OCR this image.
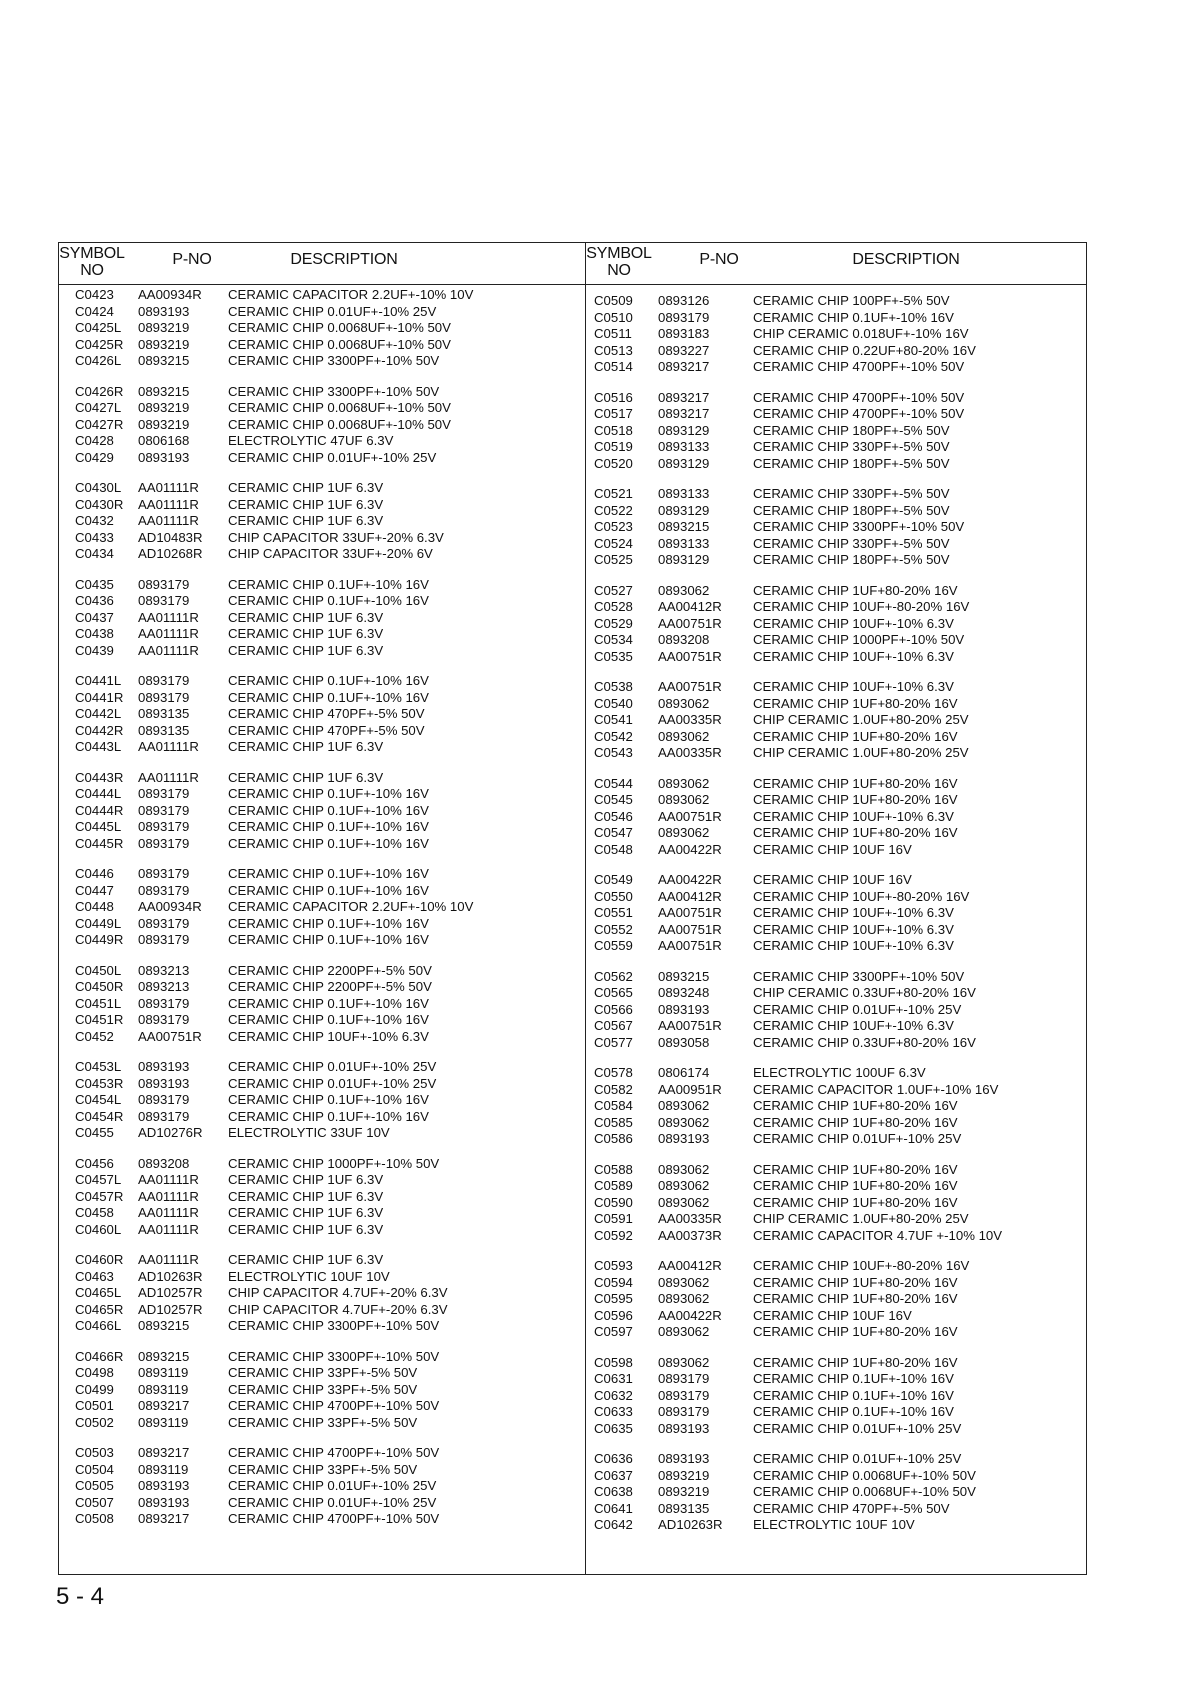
SYMBOL
NO
P-NO	DESCRIPTION
C0423 AA00934R CERAMIC CAPACITOR 2.2UF+-10% 10V
C0424 0893193	CERAMIC CHIP 0.01UF+-10% 25V
C0425L 0893219	CERAMIC CHIP 0.0068UF+-10% 50V
C0425R 0893219	CERAMIC CHIP 0.0068UF+-10% 50V
C0426L 0893215	CERAMIC CHIP 3300PF+-10% 50V
C0426R 0893215	CERAMIC CHIP 3300PF+-10% 50V
C0427L 0893219	CERAMIC CHIP 0.0068UF+-10% 50V
C0427R 0893219	CERAMIC CHIP 0.0068UF+-10% 50V
C0428 0806168	ELECTROLYTIC 47UF 6.3V
C0429 0893193	CERAMIC CHIP 0.01UF+-10% 25V
C0430L AA01111R CERAMIC CHIP 1UF 6.3V
C0430R AA01111R CERAMIC CHIP 1UF 6.3V
C0432 AA01111R CERAMIC CHIP 1UF 6.3V
C0433 AD10483R CHIP CAPACITOR 33UF+-20% 6.3V
C0434 AD10268R CHIP CAPACITOR 33UF+-20% 6V
C0435 0893179	CERAMIC CHIP 0.1UF+-10% 16V
C0436 0893179	CERAMIC CHIP 0.1UF+-10% 16V
C0437 AA01111R CERAMIC CHIP 1UF 6.3V
C0438 AA01111R CERAMIC CHIP 1UF 6.3V
C0439 AA01111R CERAMIC CHIP 1UF 6.3V
C0441L 0893179	CERAMIC CHIP 0.1UF+-10% 16V
C0441R 0893179	CERAMIC CHIP 0.1UF+-10% 16V
C0442L 0893135	CERAMIC CHIP 470PF+-5% 50V
C0442R 0893135	CERAMIC CHIP 470PF+-5% 50V
C0443L AA01111R CERAMIC CHIP 1UF 6.3V
C0443R AA01111R CERAMIC CHIP 1UF 6.3V
C0444L 0893179	CERAMIC CHIP 0.1UF+-10% 16V
C0444R 0893179	CERAMIC CHIP 0.1UF+-10% 16V
C0445L 0893179	CERAMIC CHIP 0.1UF+-10% 16V
C0445R 0893179	CERAMIC CHIP 0.1UF+-10% 16V
C0446 0893179	CERAMIC CHIP 0.1UF+-10% 16V
C0447 0893179	CERAMIC CHIP 0.1UF+-10% 16V
C0448 AA00934R CERAMIC CAPACITOR 2.2UF+-10% 10V
C0449L 0893179	CERAMIC CHIP 0.1UF+-10% 16V
C0449R 0893179	CERAMIC CHIP 0.1UF+-10% 16V
C0450L 0893213	CERAMIC CHIP 2200PF+-5% 50V
C0450R 0893213	CERAMIC CHIP 2200PF+-5% 50V
C0451L 0893179	CERAMIC CHIP 0.1UF+-10% 16V
C0451R 0893179	CERAMIC CHIP 0.1UF+-10% 16V
C0452 AA00751R CERAMIC CHIP 10UF+-10% 6.3V
C0453L 0893193	CERAMIC CHIP 0.01UF+-10% 25V
C0453R 0893193	CERAMIC CHIP 0.01UF+-10% 25V
C0454L 0893179	CERAMIC CHIP 0.1UF+-10% 16V
C0454R 0893179	CERAMIC CHIP 0.1UF+-10% 16V
C0455 AD10276R ELECTROLYTIC 33UF 10V
C0456 0893208	CERAMIC CHIP 1000PF+-10% 50V
C0457L AA01111R CERAMIC CHIP 1UF 6.3V
C0457R AA01111R CERAMIC CHIP 1UF 6.3V
C0458 AA01111R CERAMIC CHIP 1UF 6.3V
C0460L AA01111R CERAMIC CHIP 1UF 6.3V
C0460R AA01111R CERAMIC CHIP 1UF 6.3V
C0463 AD10263R ELECTROLYTIC 10UF 10V
C0465L AD10257R CHIP CAPACITOR 4.7UF+-20% 6.3V
C0465R AD10257R CHIP CAPACITOR 4.7UF+-20% 6.3V
C0466L 0893215	CERAMIC CHIP 3300PF+-10% 50V
C0466R 0893215	CERAMIC CHIP 3300PF+-10% 50V
C0498 0893119	CERAMIC CHIP 33PF+-5% 50V
C0499 0893119	CERAMIC CHIP 33PF+-5% 50V
C0501 0893217	CERAMIC CHIP 4700PF+-10% 50V
C0502 0893119	CERAMIC CHIP 33PF+-5% 50V
C0503 0893217	CERAMIC CHIP 4700PF+-10% 50V
C0504 0893119	CERAMIC CHIP 33PF+-5% 50V
C0505 0893193	CERAMIC CHIP 0.01UF+-10% 25V
C0507 0893193	CERAMIC CHIP 0.01UF+-10% 25V
C0508 0893217	CERAMIC CHIP 4700PF+-10% 50V
SYMBOL
NO
P-NO	DESCRIPTION
C0509 0893126	CERAMIC CHIP 100PF+-5% 50V
C0510 0893179	CERAMIC CHIP 0.1UF+-10% 16V
C0511 0893183	CHIP CERAMIC 0.018UF+-10% 16V
C0513 0893227	CERAMIC CHIP 0.22UF+80-20% 16V
C0514 0893217	CERAMIC CHIP 4700PF+-10% 50V
C0516 0893217	CERAMIC CHIP 4700PF+-10% 50V
C0517 0893217	CERAMIC CHIP 4700PF+-10% 50V
C0518 0893129	CERAMIC CHIP 180PF+-5% 50V
C0519 0893133	CERAMIC CHIP 330PF+-5% 50V
C0520 0893129	CERAMIC CHIP 180PF+-5% 50V
C0521 0893133	CERAMIC CHIP 330PF+-5% 50V
C0522 0893129	CERAMIC CHIP 180PF+-5% 50V
C0523 0893215	CERAMIC CHIP 3300PF+-10% 50V
C0524 0893133	CERAMIC CHIP 330PF+-5% 50V
C0525 0893129	CERAMIC CHIP 180PF+-5% 50V
C0527 0893062	CERAMIC CHIP 1UF+80-20% 16V
C0528 AA00412R CERAMIC CHIP 10UF+-80-20% 16V
C0529 AA00751R CERAMIC CHIP 10UF+-10% 6.3V
C0534 0893208	CERAMIC CHIP 1000PF+-10% 50V
C0535 AA00751R CERAMIC CHIP 10UF+-10% 6.3V
C0538 AA00751R CERAMIC CHIP 10UF+-10% 6.3V
C0540 0893062	CERAMIC CHIP 1UF+80-20% 16V
C0541 AA00335R CHIP CERAMIC 1.0UF+80-20% 25V
C0542 0893062	CERAMIC CHIP 1UF+80-20% 16V
C0543 AA00335R CHIP CERAMIC 1.0UF+80-20% 25V
C0544 0893062	CERAMIC CHIP 1UF+80-20% 16V
C0545 0893062	CERAMIC CHIP 1UF+80-20% 16V
C0546 AA00751R CERAMIC CHIP 10UF+-10% 6.3V
C0547 0893062	CERAMIC CHIP 1UF+80-20% 16V
C0548 AA00422R CERAMIC CHIP 10UF 16V
C0549 AA00422R CERAMIC CHIP 10UF 16V
C0550 AA00412R CERAMIC CHIP 10UF+-80-20% 16V
C0551 AA00751R CERAMIC CHIP 10UF+-10% 6.3V
C0552 AA00751R CERAMIC CHIP 10UF+-10% 6.3V
C0559 AA00751R CERAMIC CHIP 10UF+-10% 6.3V
C0562 0893215	CERAMIC CHIP 3300PF+-10% 50V
C0565 0893248	CHIP CERAMIC 0.33UF+80-20% 16V
C0566 0893193	CERAMIC CHIP 0.01UF+-10% 25V
C0567 AA00751R CERAMIC CHIP 10UF+-10% 6.3V
C0577 0893058	CERAMIC CHIP 0.33UF+80-20% 16V
C0578 0806174	ELECTROLYTIC 100UF 6.3V
C0582 AA00951R CERAMIC CAPACITOR 1.0UF+-10% 16V
C0584 0893062	CERAMIC CHIP 1UF+80-20% 16V
C0585 0893062	CERAMIC CHIP 1UF+80-20% 16V
C0586 0893193	CERAMIC CHIP 0.01UF+-10% 25V
C0588 0893062	CERAMIC CHIP 1UF+80-20% 16V
C0589 0893062	CERAMIC CHIP 1UF+80-20% 16V
C0590 0893062	CERAMIC CHIP 1UF+80-20% 16V
C0591 AA00335R CHIP CERAMIC 1.0UF+80-20% 25V
C0592 AA00373R CERAMIC CAPACITOR 4.7UF +-10% 10V
C0593 AA00412R CERAMIC CHIP 10UF+-80-20% 16V
C0594 0893062	CERAMIC CHIP 1UF+80-20% 16V
C0595 0893062	CERAMIC CHIP 1UF+80-20% 16V
C0596 AA00422R CERAMIC CHIP 10UF 16V
C0597 0893062	CERAMIC CHIP 1UF+80-20% 16V
C0598 0893062	CERAMIC CHIP 1UF+80-20% 16V
C0631 0893179	CERAMIC CHIP 0.1UF+-10% 16V
C0632 0893179	CERAMIC CHIP 0.1UF+-10% 16V
C0633 0893179	CERAMIC CHIP 0.1UF+-10% 16V
C0635 0893193	CERAMIC CHIP 0.01UF+-10% 25V
C0636 0893193	CERAMIC CHIP 0.01UF+-10% 25V
C0637 0893219	CERAMIC CHIP 0.0068UF+-10% 50V
C0638 0893219	CERAMIC CHIP 0.0068UF+-10% 50V
C0641 0893135	CERAMIC CHIP 470PF+-5% 50V
C0642 AD10263R ELECTROLYTIC 10UF 10V
5 - 4
